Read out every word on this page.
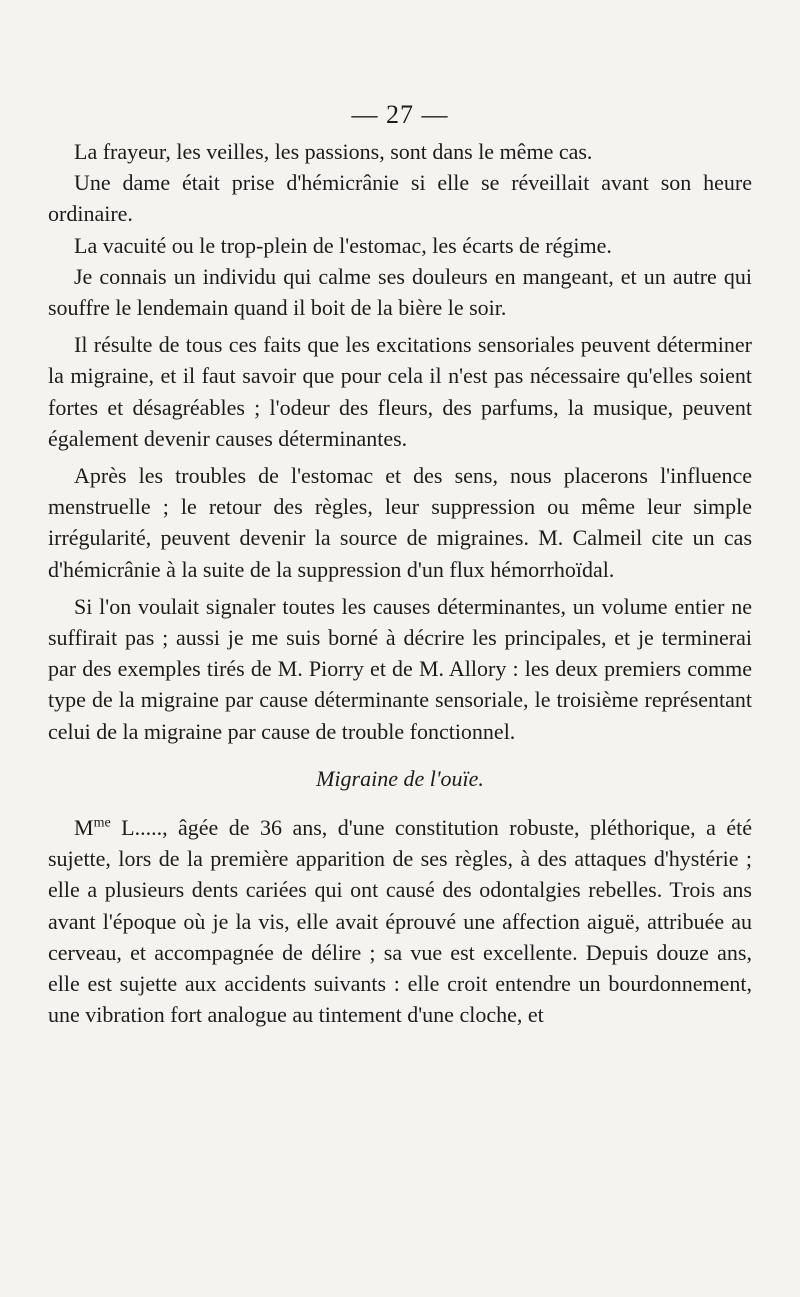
— 27 —

La frayeur, les veilles, les passions, sont dans le même cas.

Une dame était prise d'hémicrânie si elle se réveillait avant son heure ordinaire.

La vacuité ou le trop-plein de l'estomac, les écarts de régime.

Je connais un individu qui calme ses douleurs en mangeant, et un autre qui souffre le lendemain quand il boit de la bière le soir.

Il résulte de tous ces faits que les excitations sensoriales peuvent déterminer la migraine, et il faut savoir que pour cela il n'est pas nécessaire qu'elles soient fortes et désagréables ; l'odeur des fleurs, des parfums, la musique, peuvent également devenir causes déterminantes.

Après les troubles de l'estomac et des sens, nous placerons l'influence menstruelle ; le retour des règles, leur suppression ou même leur simple irrégularité, peuvent devenir la source de migraines. M. Calmeil cite un cas d'hémicrânie à la suite de la suppression d'un flux hémorrhoïdal.

Si l'on voulait signaler toutes les causes déterminantes, un volume entier ne suffirait pas ; aussi je me suis borné à décrire les principales, et je terminerai par des exemples tirés de M. Piorry et de M. Allory : les deux premiers comme type de la migraine par cause déterminante sensoriale, le troisième représentant celui de la migraine par cause de trouble fonctionnel.

Migraine de l'ouïe.

$M^{me}$ L....., âgée de 36 ans, d'une constitution robuste, pléthorique, a été sujette, lors de la première apparition de ses règles, à des attaques d'hystérie ; elle a plusieurs dents cariées qui ont causé des odontalgies rebelles. Trois ans avant l'époque où je la vis, elle avait éprouvé une affection aiguë, attribuée au cerveau, et accompagnée de délire ; sa vue est excellente. Depuis douze ans, elle est sujette aux accidents suivants : elle croit entendre un bourdonnement, une vibration fort analogue au tintement d'une cloche, et
